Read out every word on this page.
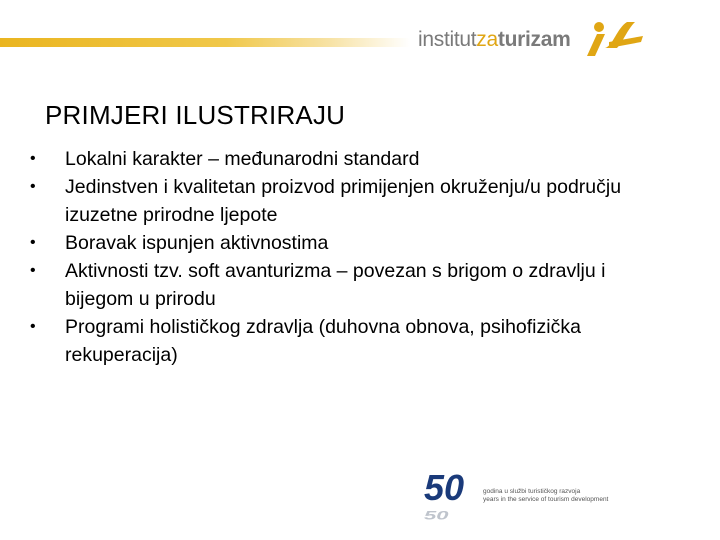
institutzaturizam
PRIMJERI ILUSTRIRAJU
• Lokalni karakter – međunarodni standard
• Jedinstven i kvalitetan proizvod primijenjen okruženju/u području izuzetne prirodne ljepote
• Boravak ispunjen aktivnostima
• Aktivnosti tzv. soft avanturizma – povezan s brigom o zdravlju i bijegom u prirodu
• Programi holističkog zdravlja (duhovna obnova, psihofizička rekuperacija)
50
50
godina u službi turističkog razvoja
years in the service of tourism development
